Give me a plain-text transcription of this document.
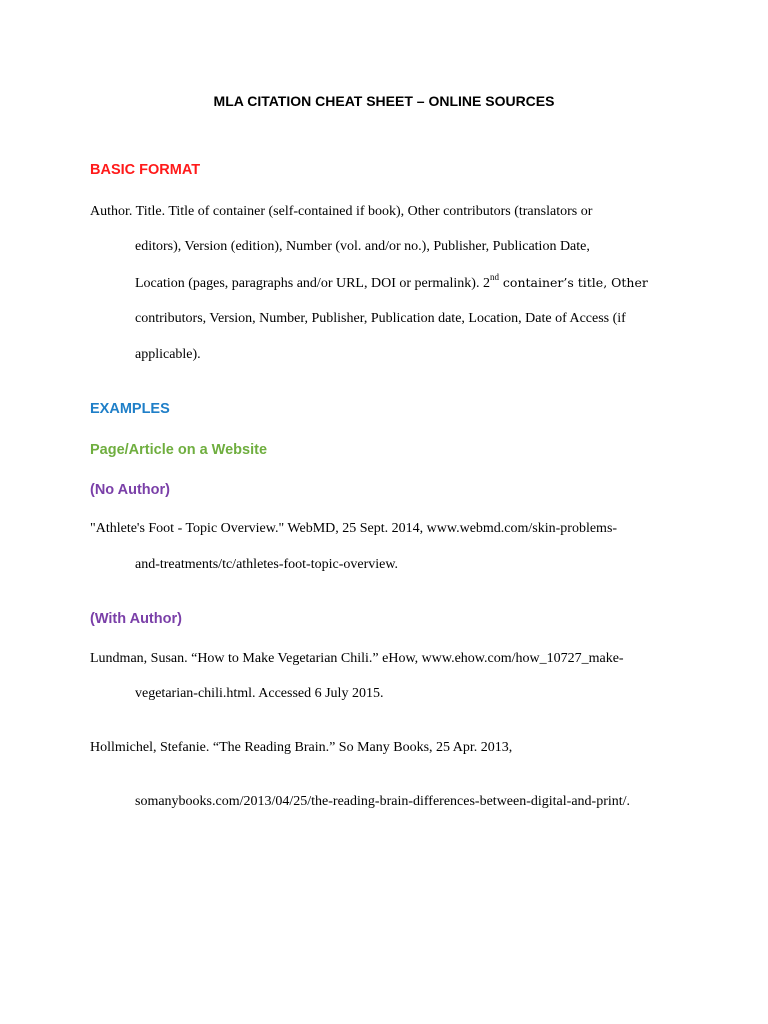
MLA CITATION CHEAT SHEET – ONLINE SOURCES
BASIC FORMAT
Author. Title. Title of container (self-contained if book), Other contributors (translators or
editors), Version (edition), Number (vol. and/or no.), Publisher, Publication Date,
Location (pages, paragraphs and/or URL, DOI or permalink). 2nd container’s title, Other
contributors, Version, Number, Publisher, Publication date, Location, Date of Access (if
applicable).
EXAMPLES
Page/Article on a Website
(No Author)
"Athlete's Foot - Topic Overview." WebMD, 25 Sept. 2014, www.webmd.com/skin-problems-
and-treatments/tc/athletes-foot-topic-overview.
(With Author)
Lundman, Susan. “How to Make Vegetarian Chili.” eHow, www.ehow.com/how_10727_make-
vegetarian-chili.html. Accessed 6 July 2015.
Hollmichel, Stefanie. “The Reading Brain.” So Many Books, 25 Apr. 2013,
somanybooks.com/2013/04/25/the-reading-brain-differences-between-digital-and-print/.
